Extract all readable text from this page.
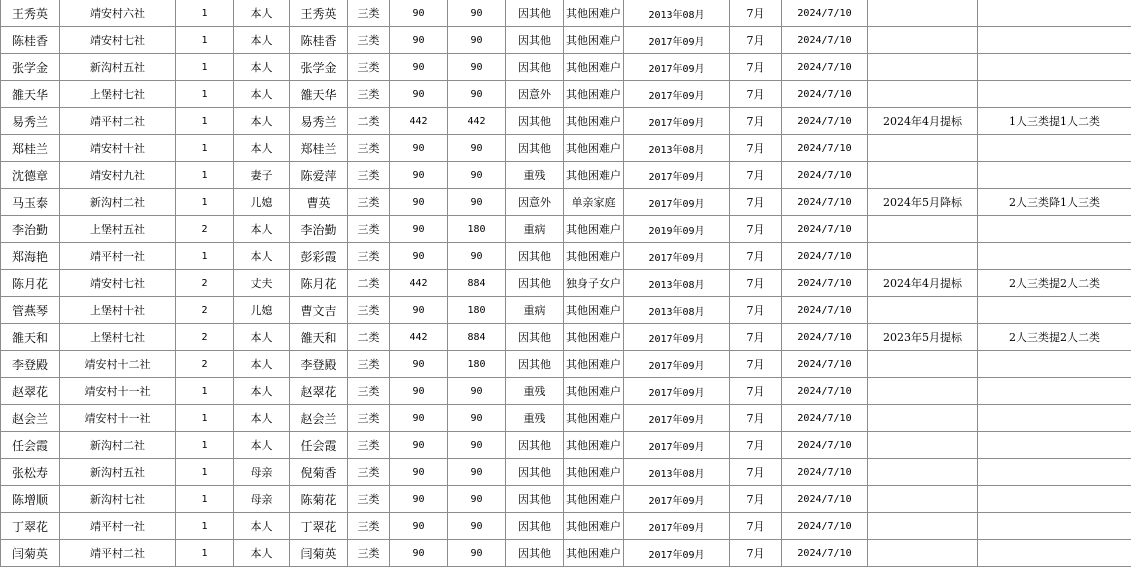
王秀英	靖安村六社	1	本人	王秀英	三类	90	90	因其他	其他困难户	2013年08月	7月	2024/7/10		
陈桂香	靖安村七社	1	本人	陈桂香	三类	90	90	因其他	其他困难户	2017年09月	7月	2024/7/10		
张学金	新沟村五社	1	本人	张学金	三类	90	90	因其他	其他困难户	2017年09月	7月	2024/7/10		
雒天华	上堡村七社	1	本人	雒天华	三类	90	90	因意外	其他困难户	2017年09月	7月	2024/7/10		
易秀兰	靖平村二社	1	本人	易秀兰	二类	442	442	因其他	其他困难户	2017年09月	7月	2024/7/10	2024年4月提标	1人三类提1人二类
郑桂兰	靖安村十社	1	本人	郑桂兰	三类	90	90	因其他	其他困难户	2013年08月	7月	2024/7/10		
沈德章	靖安村九社	1	妻子	陈爱萍	三类	90	90	重残	其他困难户	2017年09月	7月	2024/7/10		
马玉泰	新沟村二社	1	儿媳	曹英	三类	90	90	因意外	单亲家庭	2017年09月	7月	2024/7/10	2024年5月降标	2人三类降1人三类
李治勤	上堡村五社	2	本人	李治勤	三类	90	180	重病	其他困难户	2019年09月	7月	2024/7/10		
郑海艳	靖平村一社	1	本人	彭彩霞	三类	90	90	因其他	其他困难户	2017年09月	7月	2024/7/10		
陈月花	靖安村七社	2	丈夫	陈月花	二类	442	884	因其他	独身子女户	2013年08月	7月	2024/7/10	2024年4月提标	2人三类提2人二类
管燕琴	上堡村十社	2	儿媳	曹文吉	三类	90	180	重病	其他困难户	2013年08月	7月	2024/7/10		
雒天和	上堡村七社	2	本人	雒天和	二类	442	884	因其他	其他困难户	2017年09月	7月	2024/7/10	2023年5月提标	2人三类提2人二类
李登殿	靖安村十二社	2	本人	李登殿	三类	90	180	因其他	其他困难户	2017年09月	7月	2024/7/10		
赵翠花	靖安村十一社	1	本人	赵翠花	三类	90	90	重残	其他困难户	2017年09月	7月	2024/7/10		
赵会兰	靖安村十一社	1	本人	赵会兰	三类	90	90	重残	其他困难户	2017年09月	7月	2024/7/10		
任会霞	新沟村二社	1	本人	任会霞	三类	90	90	因其他	其他困难户	2017年09月	7月	2024/7/10		
张松寿	新沟村五社	1	母亲	倪菊香	三类	90	90	因其他	其他困难户	2013年08月	7月	2024/7/10		
陈增顺	新沟村七社	1	母亲	陈菊花	三类	90	90	因其他	其他困难户	2017年09月	7月	2024/7/10		
丁翠花	靖平村一社	1	本人	丁翠花	三类	90	90	因其他	其他困难户	2017年09月	7月	2024/7/10		
闫菊英	靖平村二社	1	本人	闫菊英	三类	90	90	因其他	其他困难户	2017年09月	7月	2024/7/10		
